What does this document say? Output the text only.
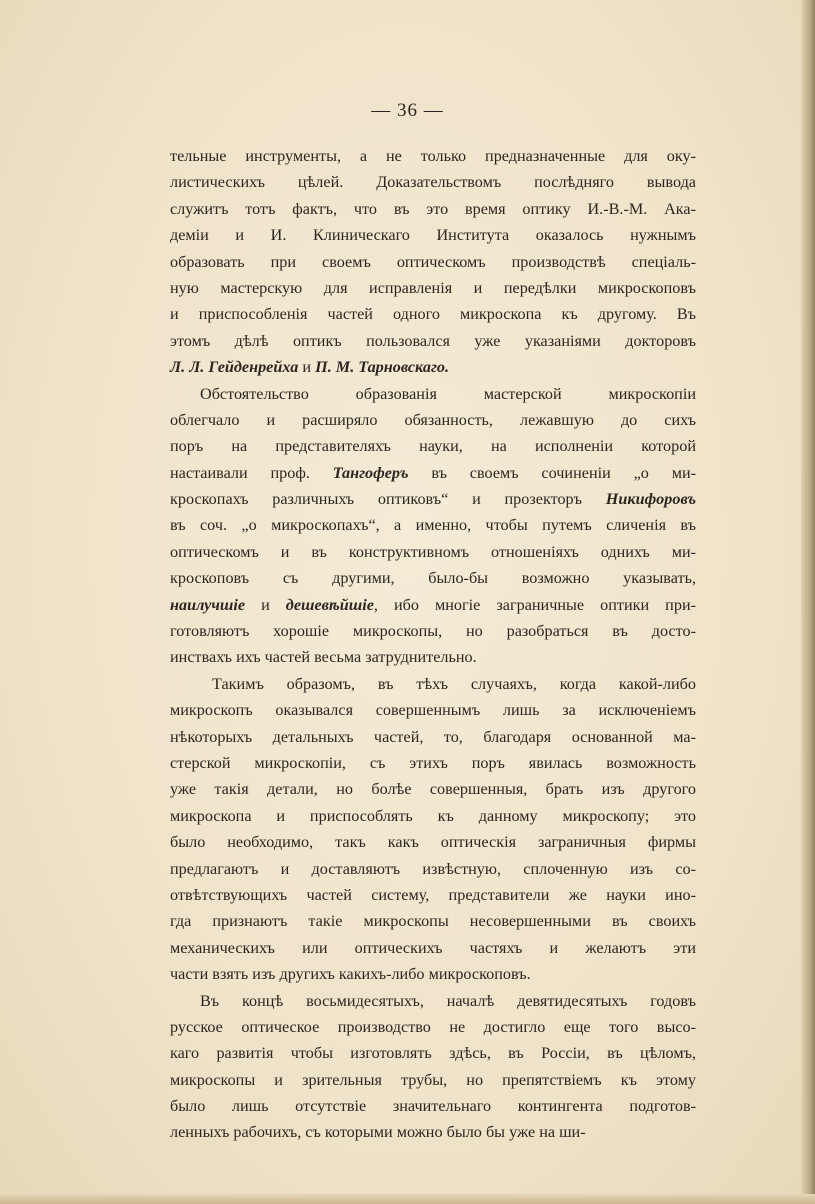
— 36 —
тельные инструменты, а не только предназначенные для оку-
листическихъ цѣлей. Доказательствомъ послѣдняго вывода
служитъ тотъ фактъ, что въ это время оптику И.-В.-М. Ака-
деміи и И. Клиническаго Института оказалось нужнымъ
образовать при своемъ оптическомъ производствѣ спеціаль-
ную мастерскую для исправленія и передѣлки микроскоповъ
и приспособленія частей одного микроскопа къ другому. Въ
этомъ дѣлѣ оптикъ пользовался уже указаніями докторовъ
Л. Л. Гейденрейха и П. М. Тарновскаго.
Обстоятельство образованія мастерской микроскопіи
облегчало и расширяло обязанность, лежавшую до сихъ
поръ на представителяхъ науки, на исполненіи которой
настаивали проф. Тангоферъ въ своемъ сочиненіи „о ми-
кроскопахъ различныхъ оптиковъ“ и прозекторъ Никифоровъ
въ соч. „о микроскопахъ“, а именно, чтобы путемъ сличенія въ
оптическомъ и въ конструктивномъ отношеніяхъ однихъ ми-
кроскоповъ съ другими, было-бы возможно указывать,
наилучшіе и дешевѣйшіе, ибо многіе заграничные оптики при-
готовляютъ хорошіе микроскопы, но разобраться въ досто-
инствахъ ихъ частей весьма затруднительно.
Такимъ образомъ, въ тѣхъ случаяхъ, когда какой-либо
микроскопъ оказывался совершеннымъ лишь за исключеніемъ
нѣкоторыхъ детальныхъ частей, то, благодаря основанной ма-
стерской микроскопіи, съ этихъ поръ явилась возможность
уже такія детали, но болѣе совершенныя, брать изъ другого
микроскопа и приспособлять къ данному микроскопу; это
было необходимо, такъ какъ оптическія заграничныя фирмы
предлагаютъ и доставляютъ извѣстную, сплоченную изъ со-
отвѣтствующихъ частей систему, представители же науки ино-
гда признаютъ такіе микроскопы несовершенными въ своихъ
механическихъ или оптическихъ частяхъ и желаютъ эти
части взять изъ другихъ какихъ-либо микроскоповъ.
Въ концѣ восьмидесятыхъ, началѣ девятидесятыхъ годовъ
русское оптическое производство не достигло еще того высо-
каго развитія чтобы изготовлять здѣсь, въ Россіи, въ цѣломъ,
микроскопы и зрительныя трубы, но препятствіемъ къ этому
было лишь отсутствіе значительнаго контингента подготов-
ленныхъ рабочихъ, съ которыми можно было бы уже на ши-
